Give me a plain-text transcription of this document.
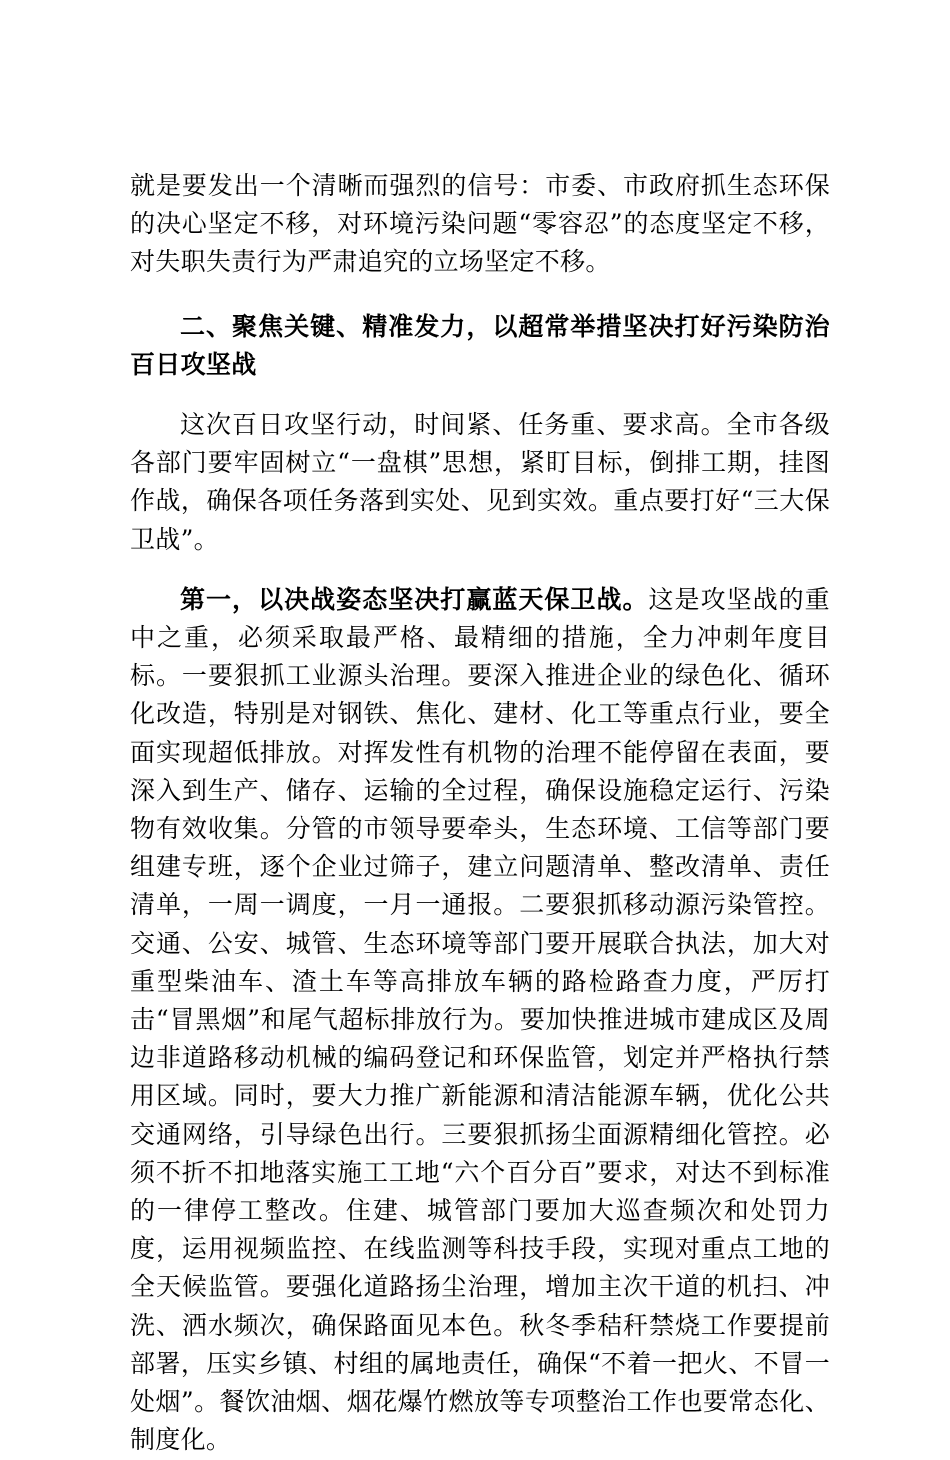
就是要发出一个清晰而强烈的信号：市委、市政府抓生态环保的决心坚定不移，对环境污染问题“零容忍”的态度坚定不移，对失职失责行为严肃追究的立场坚定不移。

二、聚焦关键、精准发力，以超常举措坚决打好污染防治百日攻坚战

这次百日攻坚行动，时间紧、任务重、要求高。全市各级各部门要牢固树立“一盘棋”思想，紧盯目标，倒排工期，挂图作战，确保各项任务落到实处、见到实效。重点要打好“三大保卫战”。

第一，以决战姿态坚决打赢蓝天保卫战。这是攻坚战的重中之重，必须采取最严格、最精细的措施，全力冲刺年度目标。一要狠抓工业源头治理。要深入推进企业的绿色化、循环化改造，特别是对钢铁、焦化、建材、化工等重点行业，要全面实现超低排放。对挥发性有机物的治理不能停留在表面，要深入到生产、储存、运输的全过程，确保设施稳定运行、污染物有效收集。分管的市领导要牵头，生态环境、工信等部门要组建专班，逐个企业过筛子，建立问题清单、整改清单、责任清单，一周一调度，一月一通报。二要狠抓移动源污染管控。交通、公安、城管、生态环境等部门要开展联合执法，加大对重型柴油车、渣土车等高排放车辆的路检路查力度，严厉打击“冒黑烟”和尾气超标排放行为。要加快推进城市建成区及周边非道路移动机械的编码登记和环保监管，划定并严格执行禁用区域。同时，要大力推广新能源和清洁能源车辆，优化公共交通网络，引导绿色出行。三要狠抓扬尘面源精细化管控。必须不折不扣地落实施工工地“六个百分百”要求，对达不到标准的一律停工整改。住建、城管部门要加大巡查频次和处罚力度，运用视频监控、在线监测等科技手段，实现对重点工地的全天候监管。要强化道路扬尘治理，增加主次干道的机扫、冲洗、洒水频次，确保路面见本色。秋冬季秸秆禁烧工作要提前部署，压实乡镇、村组的属地责任，确保“不着一把火、不冒一处烟”。餐饮油烟、烟花爆竹燃放等专项整治工作也要常态化、制度化。
